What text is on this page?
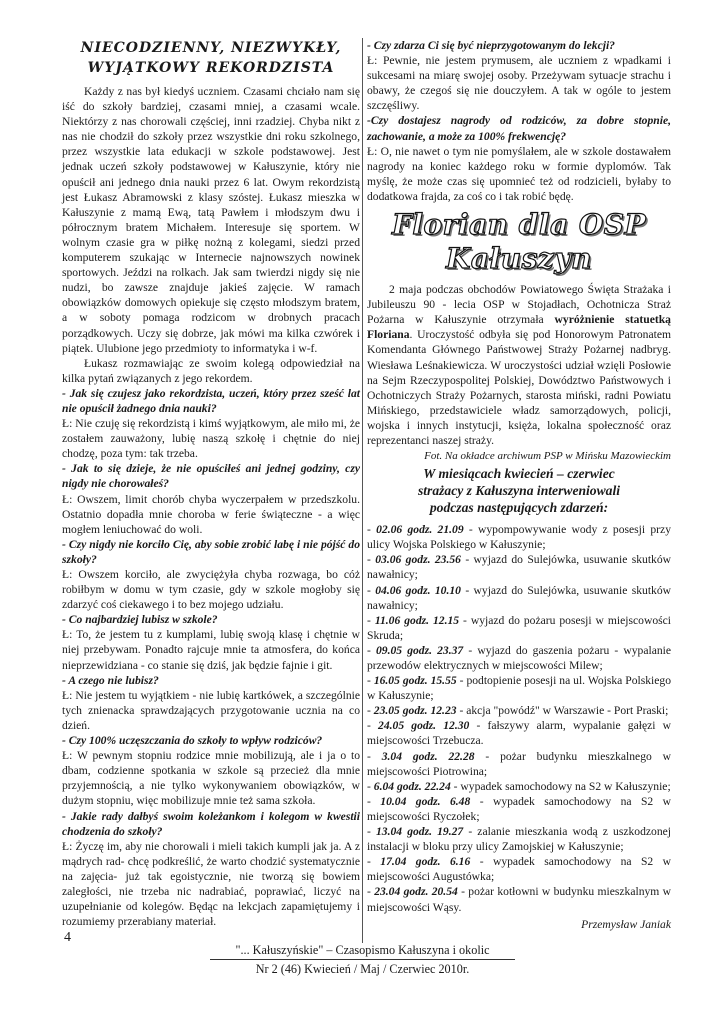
NIECODZIENNY, NIEZWYKŁY,
WYJĄTKOWY REKORDZISTA

Każdy z nas był kiedyś uczniem. Czasami chciało nam się iść do szkoły bardziej, czasami mniej, a czasami wcale. Niektórzy z nas chorowali częściej, inni rzadziej. Chyba nikt z nas nie chodził do szkoły przez wszystkie dni roku szkolnego, przez wszystkie lata edukacji w szkole podstawowej. Jest jednak uczeń szkoły podstawowej w Kałuszynie, który nie opuścił ani jednego dnia nauki przez 6 lat. Owym rekordzistą jest Łukasz Abramowski z klasy szóstej. Łukasz mieszka w Kałuszynie z mamą Ewą, tatą Pawłem i młodszym dwu i półrocznym bratem Michałem. Interesuje się sportem. W wolnym czasie gra w piłkę nożną z kolegami, siedzi przed komputerem szukając w Internecie najnowszych nowinek sportowych. Jeździ na rolkach. Jak sam twierdzi nigdy się nie nudzi, bo zawsze znajduje jakieś zajęcie. W ramach obowiązków domowych opiekuje się często młodszym bratem, a w soboty pomaga rodzicom w drobnych pracach porządkowych. Uczy się dobrze, jak mówi ma kilka czwórek i piątek. Ulubione jego przedmioty to informatyka i w-f.

Łukasz rozmawiając ze swoim kolegą odpowiedział na kilka pytań związanych z jego rekordem.

- Jak się czujesz jako rekordzista, uczeń, który przez sześć lat nie opuścił żadnego dnia nauki?

Ł: Nie czuję się rekordzistą i kimś wyjątkowym, ale miło mi, że zostałem zauważony, lubię naszą szkołę i chętnie do niej chodzę, poza tym: tak trzeba.

- Jak to się dzieje, że nie opuściłeś ani jednej godziny, czy nigdy nie chorowałeś?

Ł: Owszem, limit chorób chyba wyczerpałem w przedszkolu. Ostatnio dopadła mnie choroba w ferie świąteczne - a więc mogłem leniuchować do woli.

- Czy nigdy nie korciło Cię, aby sobie zrobić labę i nie pójść do szkoły?

Ł: Owszem korciło, ale zwyciężyła chyba rozwaga, bo cóż robiłbym w domu w tym czasie, gdy w szkole mogłoby się zdarzyć coś ciekawego i to bez mojego udziału.

- Co najbardziej lubisz w szkole?

Ł: To, że jestem tu z kumplami, lubię swoją klasę i chętnie w niej przebywam. Ponadto rajcuje mnie ta atmosfera, do końca nieprzewidziana - co stanie się dziś, jak będzie fajnie i git.

- A czego nie lubisz?

Ł: Nie jestem tu wyjątkiem - nie lubię kartkówek, a szczególnie tych znienacka sprawdzających przygotowanie ucznia na co dzień.

- Czy 100% uczęszczania do szkoły to wpływ rodziców?

Ł: W pewnym stopniu rodzice mnie mobilizują, ale i ja o to dbam, codzienne spotkania w szkole są przecież dla mnie przyjemnością, a nie tylko wykonywaniem obowiązków, w dużym stopniu, więc mobilizuje mnie też sama szkoła.

- Jakie rady dałbyś swoim koleżankom i kolegom w kwestii chodzenia do szkoły?

Ł: Życzę im, aby nie chorowali i mieli takich kumpli jak ja. A z mądrych rad- chcę podkreślić, że warto chodzić systematycznie na zajęcia- już tak egoistycznie, nie tworzą się bowiem zaległości, nie trzeba nic nadrabiać, poprawiać, liczyć na uzupełnianie od kolegów. Będąc na lekcjach zapamiętujemy i rozumiemy przerabiany materiał.

- Czy zdarza Ci się być nieprzygotowanym do lekcji?

Ł: Pewnie, nie jestem prymusem, ale uczniem z wpadkami i sukcesami na miarę swojej osoby. Przeżywam sytuacje strachu i obawy, że czegoś się nie douczyłem. A tak w ogóle to jestem szczęśliwy.

-Czy dostajesz nagrody od rodziców, za dobre stopnie, zachowanie, a może za 100% frekwencję?

Ł: O, nie nawet o tym nie pomyślałem, ale w szkole dostawałem nagrody na koniec każdego roku w formie dyplomów. Tak myślę, że może czas się upomnieć też od rodzicieli, byłaby to dodatkowa frajda, za coś co i tak robić będę.

Florian dla OSP Kałuszyn

2 maja podczas obchodów Powiatowego Święta Strażaka i Jubileuszu 90 - lecia OSP w Stojadłach, Ochotnicza Straż Pożarna w Kałuszynie otrzymała wyróżnienie statuetką Floriana. Uroczystość odbyła się pod Honorowym Patronatem Komendanta Głównego Państwowej Straży Pożarnej nadbryg. Wiesława Leśnakiewicza. W uroczystości udział wzięli Posłowie na Sejm Rzeczypospolitej Polskiej, Dowództwo Państwowych i Ochotniczych Straży Pożarnych, starosta miński, radni Powiatu Mińskiego, przedstawiciele władz samorządowych, policji, wojska i innych instytucji, księża, lokalna społeczność oraz reprezentanci naszej straży.

Fot. Na okładce archiwum PSP w Mińsku Mazowieckim

W miesiącach kwiecień – czerwiec
strażacy z Kałuszyna interweniowali
podczas następujących zdarzeń:

- 02.06 godz. 21.09 - wypompowywanie wody z posesji przy ulicy Wojska Polskiego w Kałuszynie;

- 03.06 godz. 23.56 - wyjazd do Sulejówka, usuwanie skutków nawałnicy;

- 04.06 godz. 10.10 - wyjazd do Sulejówka, usuwanie skutków nawałnicy;

- 11.06 godz. 12.15 - wyjazd do pożaru posesji w miejscowości Skruda;

- 09.05 godz. 23.37 - wyjazd do gaszenia pożaru - wypalanie przewodów elektrycznych w miejscowości Milew;

- 16.05 godz. 15.55 - podtopienie posesji na ul. Wojska Polskiego w Kałuszynie;

- 23.05 godz. 12.23 - akcja "powódź" w Warszawie - Port Praski;

- 24.05 godz. 12.30 - fałszywy alarm, wypalanie gałęzi w miejscowości Trzebucza.

- 3.04 godz. 22.28 - pożar budynku mieszkalnego w miejscowości Piotrowina;

- 6.04 godz. 22.24 - wypadek samochodowy na S2 w Kałuszynie;

- 10.04 godz. 6.48 - wypadek samochodowy na S2 w miejscowości Ryczołek;

- 13.04 godz. 19.27 - zalanie mieszkania wodą z uszkodzonej instalacji w bloku przy ulicy Zamojskiej w Kałuszynie;

- 17.04 godz. 6.16 - wypadek samochodowy na S2 w miejscowości Augustówka;

- 23.04 godz. 20.54 - pożar kotłowni w budynku mieszkalnym w miejscowości Wąsy.

Przemysław Janiak

4
"... Kałuszyńskie" – Czasopismo Kałuszyna i okolic
Nr 2 (46) Kwiecień / Maj / Czerwiec 2010r.
